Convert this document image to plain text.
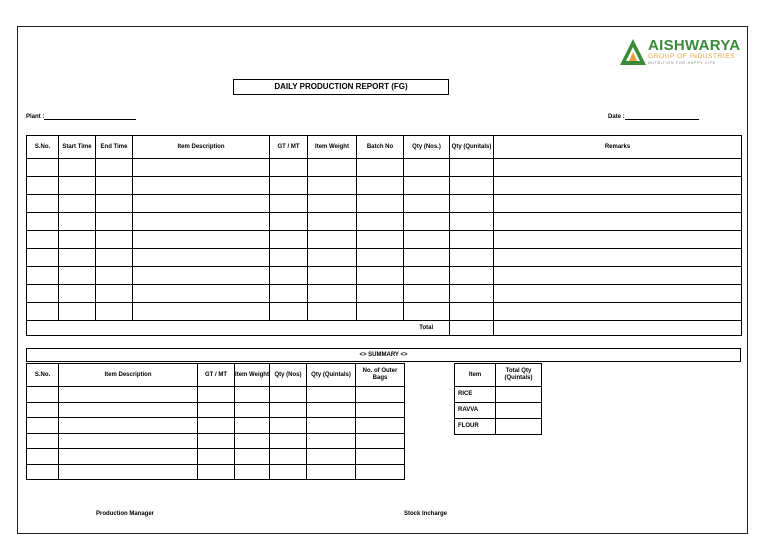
AISHWARYA
GROUP OF INDUSTRIES
NUTRITION FOR HAPPY LIFE
DAILY PRODUCTION REPORT (FG)
Plant :	Date :
S.No.	Start Time	End Time	Item Description	GT / MT	Item Weight	Batch No	Qty (Nos.)	Qty (Qunitals)	Remarks

							Total		
<> SUMMARY <>
S.No.	Item Description	GT / MT	Item Weight	Qty (Nos)	Qty (Quintals)	No. of Outer Bags

Item	Total Qty (Quintals)
RICE	
RAVVA	
FLOUR	
Production Manager	Stock Incharge
